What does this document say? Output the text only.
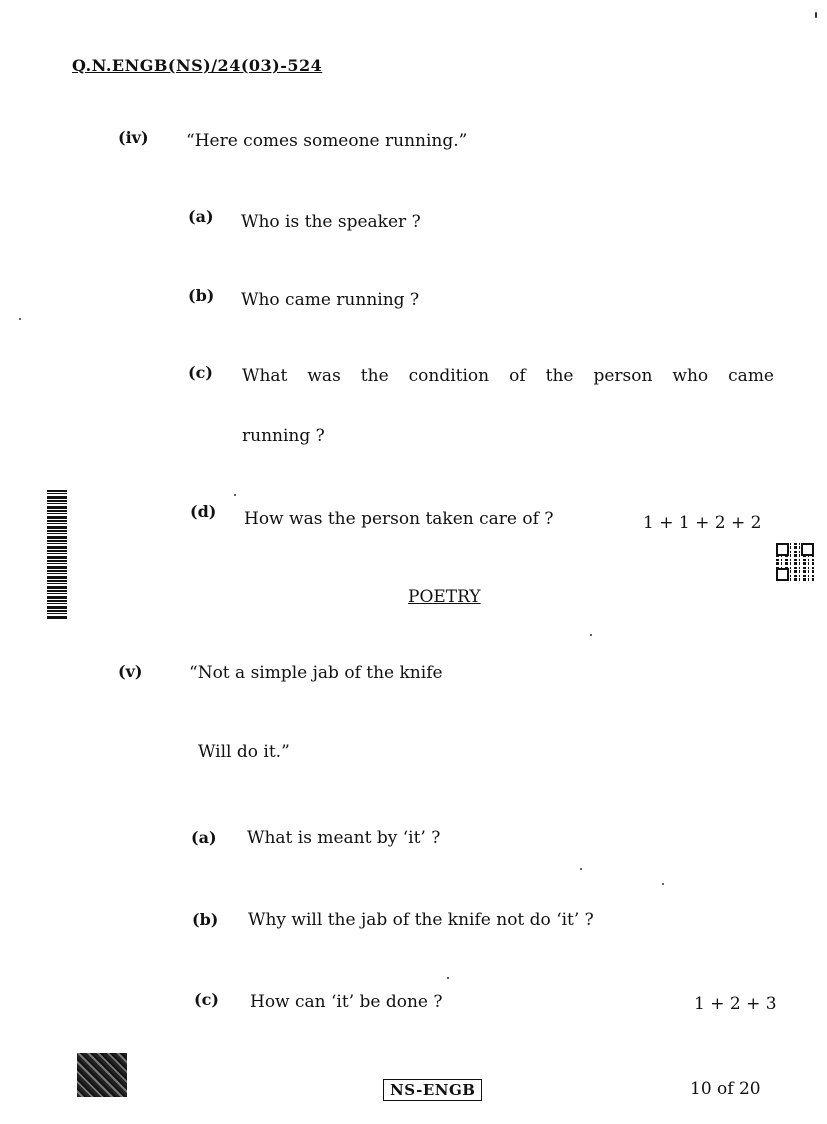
Q.N.ENGB(NS)/24(03)-524
(iv) “Here comes someone running.”
(a) Who is the speaker ?
(b) Who came running ?
(c) What was the condition of the person who came
running ?
(d) How was the person taken care of ?	1 + 1 + 2 + 2
POETRY
(v)	“Not a simple jab of the knife
Will do it.”
(a) What is meant by ‘it’ ?
(b) Why will the jab of the knife not do ‘it’ ?
(c) How can ‘it’ be done ?	1 + 2 + 3
NS-ENGB	10 of 20
